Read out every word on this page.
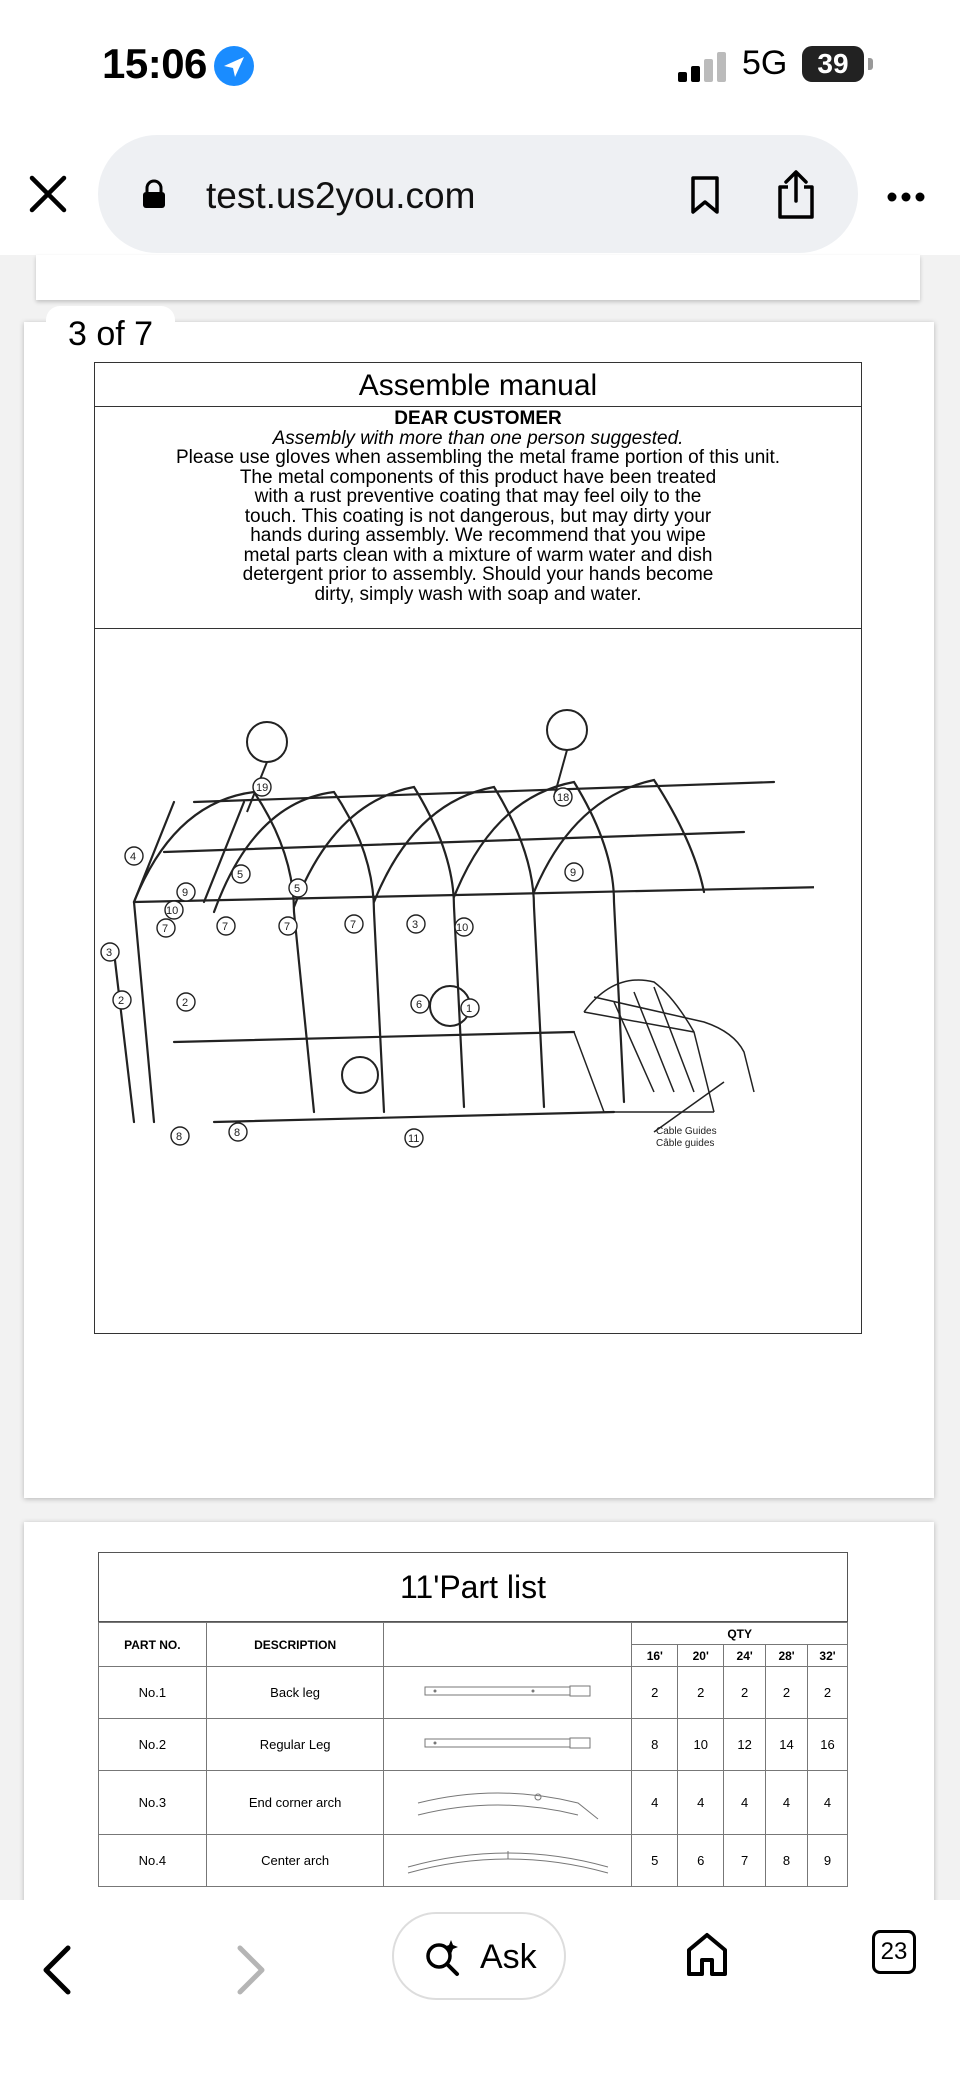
15:06	5G	39
test.us2you.com
3 of 7
Assemble manual
DEAR CUSTOMER
Assembly with more than one person suggested.
Please use gloves when assembling the metal frame portion of this unit.
The metal components of this product have been treated
with a rust preventive coating that may feel oily to the
touch. This coating is not dangerous, but may dirty your
hands during assembly. We recommend that you wipe
metal parts clean with a mixture of warm water and dish
detergent prior to assembly. Should your hands become
dirty, simply wash with soap and water.
Cable Guides
Câble guides
19
18
4
5
5
9
9
10
7	7	7	7	3	10
3
2	2	6	1
8	8	11
11'Part list
PART NO.	DESCRIPTION		QTY				
			16'	20'	24'	28'	32'
No.1	Back leg		2	2	2	2	2
No.2	Regular Leg		8	10	12	14	16
No.3	End corner arch		4	4	4	4	4
No.4	Center arch		5	6	7	8	9
Ask	23
